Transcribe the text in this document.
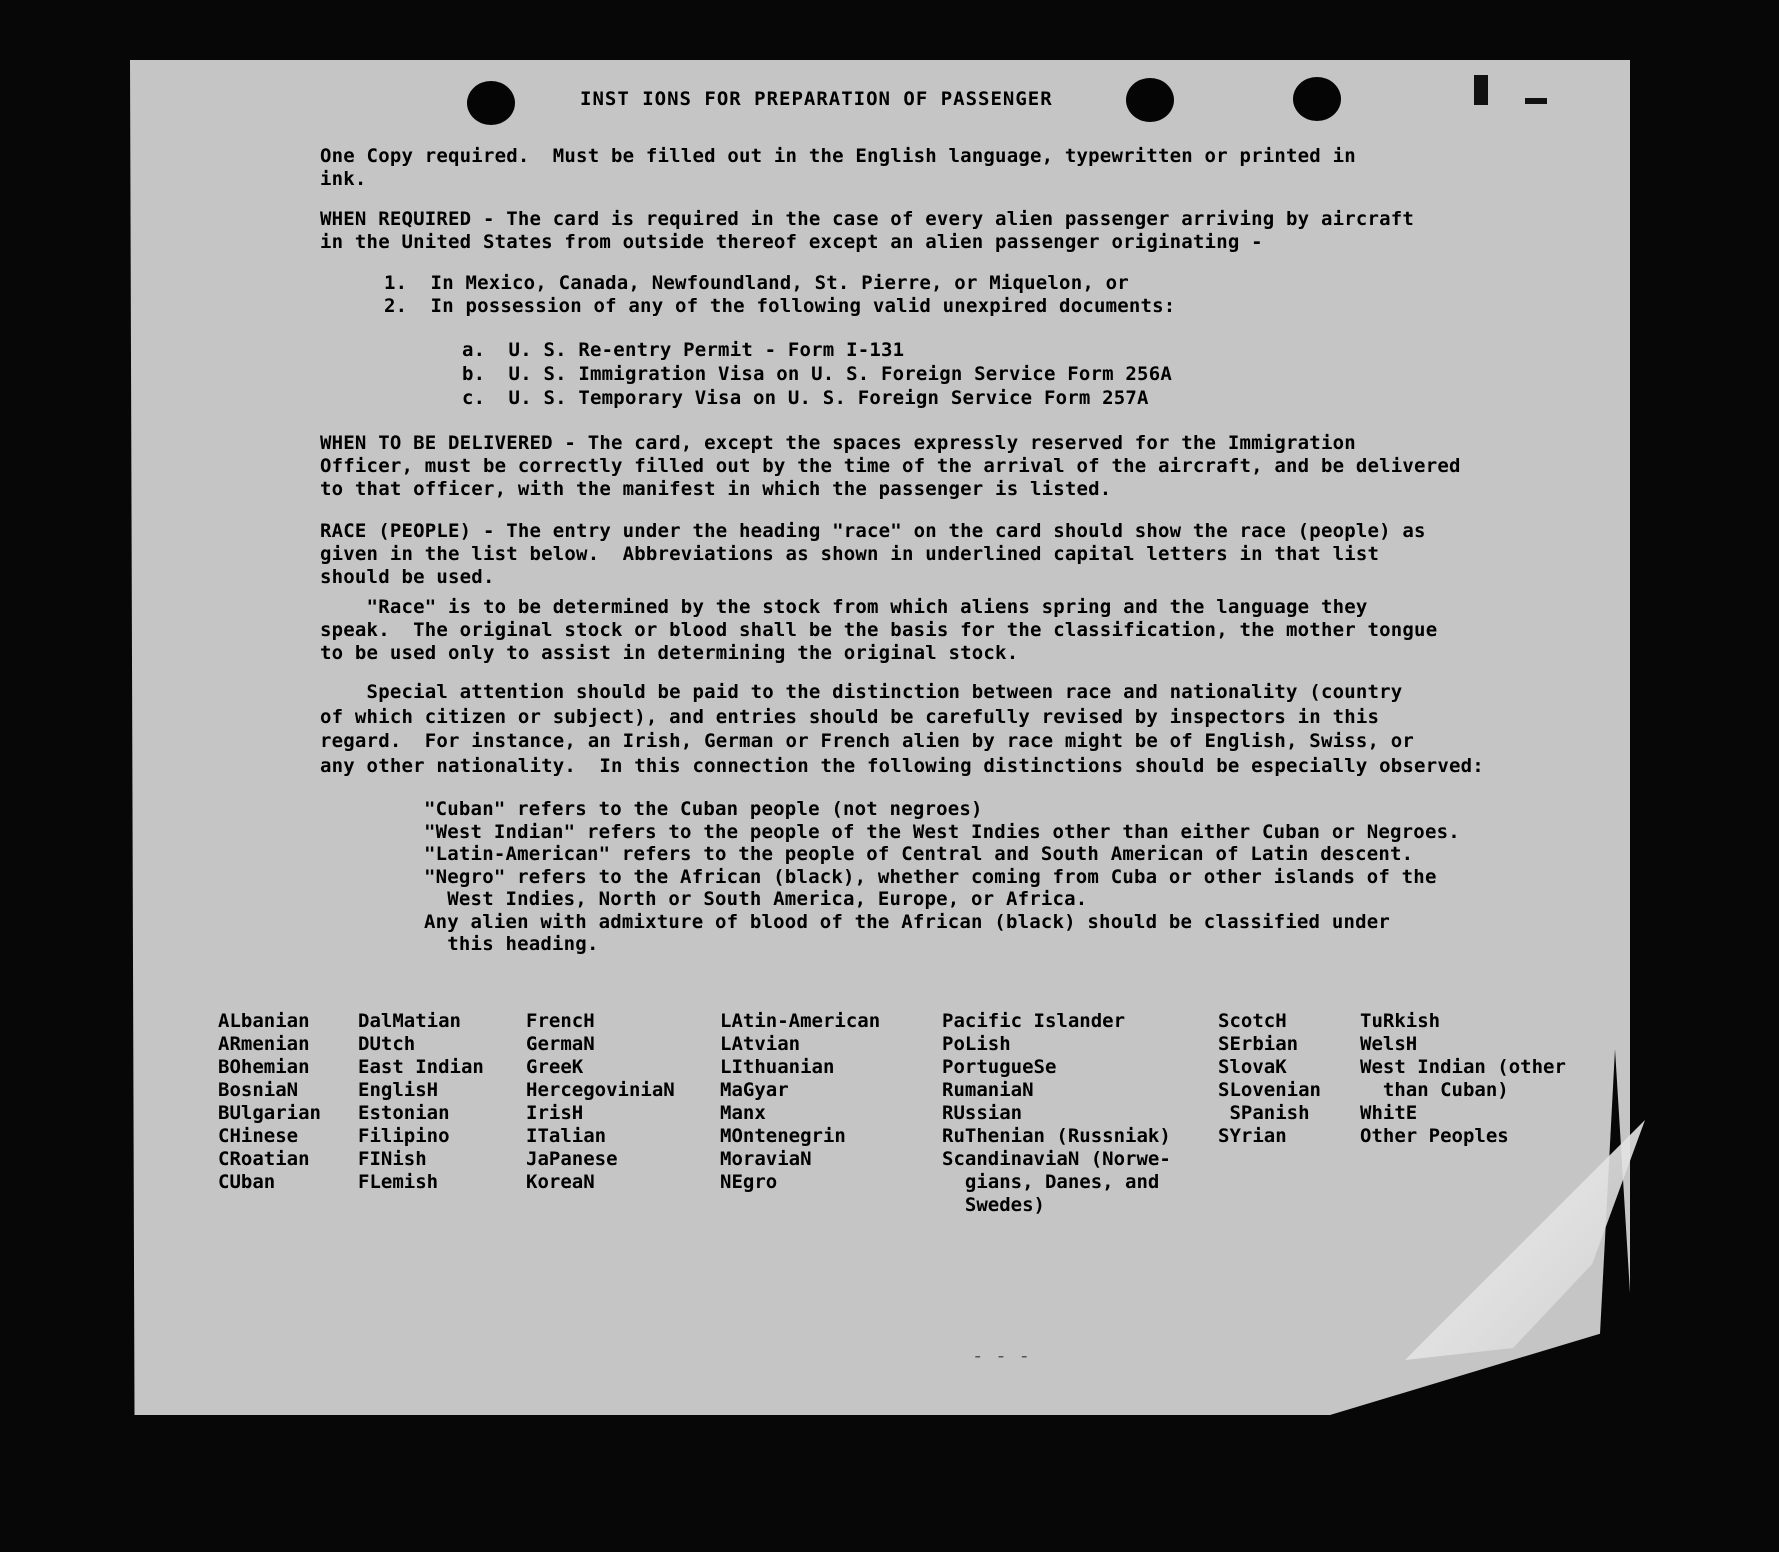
INST IONS FOR PREPARATION OF PASSENGER
One Copy required.  Must be filled out in the English language, typewritten or printed in
ink.
WHEN REQUIRED - The card is required in the case of every alien passenger arriving by aircraft
in the United States from outside thereof except an alien passenger originating -
1.  In Mexico, Canada, Newfoundland, St. Pierre, or Miquelon, or
2.  In possession of any of the following valid unexpired documents:
a.  U. S. Re-entry Permit - Form I-131
b.  U. S. Immigration Visa on U. S. Foreign Service Form 256A
c.  U. S. Temporary Visa on U. S. Foreign Service Form 257A
WHEN TO BE DELIVERED - The card, except the spaces expressly reserved for the Immigration
Officer, must be correctly filled out by the time of the arrival of the aircraft, and be delivered
to that officer, with the manifest in which the passenger is listed.
RACE (PEOPLE) - The entry under the heading "race" on the card should show the race (people) as
given in the list below.  Abbreviations as shown in underlined capital letters in that list
should be used.
"Race" is to be determined by the stock from which aliens spring and the language they
speak.  The original stock or blood shall be the basis for the classification, the mother tongue
to be used only to assist in determining the original stock.
Special attention should be paid to the distinction between race and nationality (country
of which citizen or subject), and entries should be carefully revised by inspectors in this
regard.  For instance, an Irish, German or French alien by race might be of English, Swiss, or
any other nationality.  In this connection the following distinctions should be especially observed:
"Cuban" refers to the Cuban people (not negroes)
"West Indian" refers to the people of the West Indies other than either Cuban or Negroes.
"Latin-American" refers to the people of Central and South American of Latin descent.
"Negro" refers to the African (black), whether coming from Cuba or other islands of the
West Indies, North or South America, Europe, or Africa.
Any alien with admixture of blood of the African (black) should be classified under
this heading.
ALbanian
ARmenian
BOhemian
BosniaN
BUlgarian
CHinese
CRoatian
CUban
DalMatian
DUtch
East Indian
EnglisH
Estonian
Filipino
FINish
FLemish
FrencH
GermaN
GreeK
HercegoviniaN
IrisH
ITalian
JaPanese
KoreaN
LAtin-American
LAtvian
LIthuanian
MaGyar
Manx
MOntenegrin
MoraviaN
NEgro
Pacific Islander
PoLish
PortugueSe
RumaniaN
RUssian
RuThenian (Russniak)
ScandinaviaN (Norwe-
gians, Danes, and
Swedes)
ScotcH
SErbian
SlovaK
SLovenian
SPanish
SYrian
TuRkish
WelsH
West Indian (other
than Cuban)
WhitE
Other Peoples
- - -
